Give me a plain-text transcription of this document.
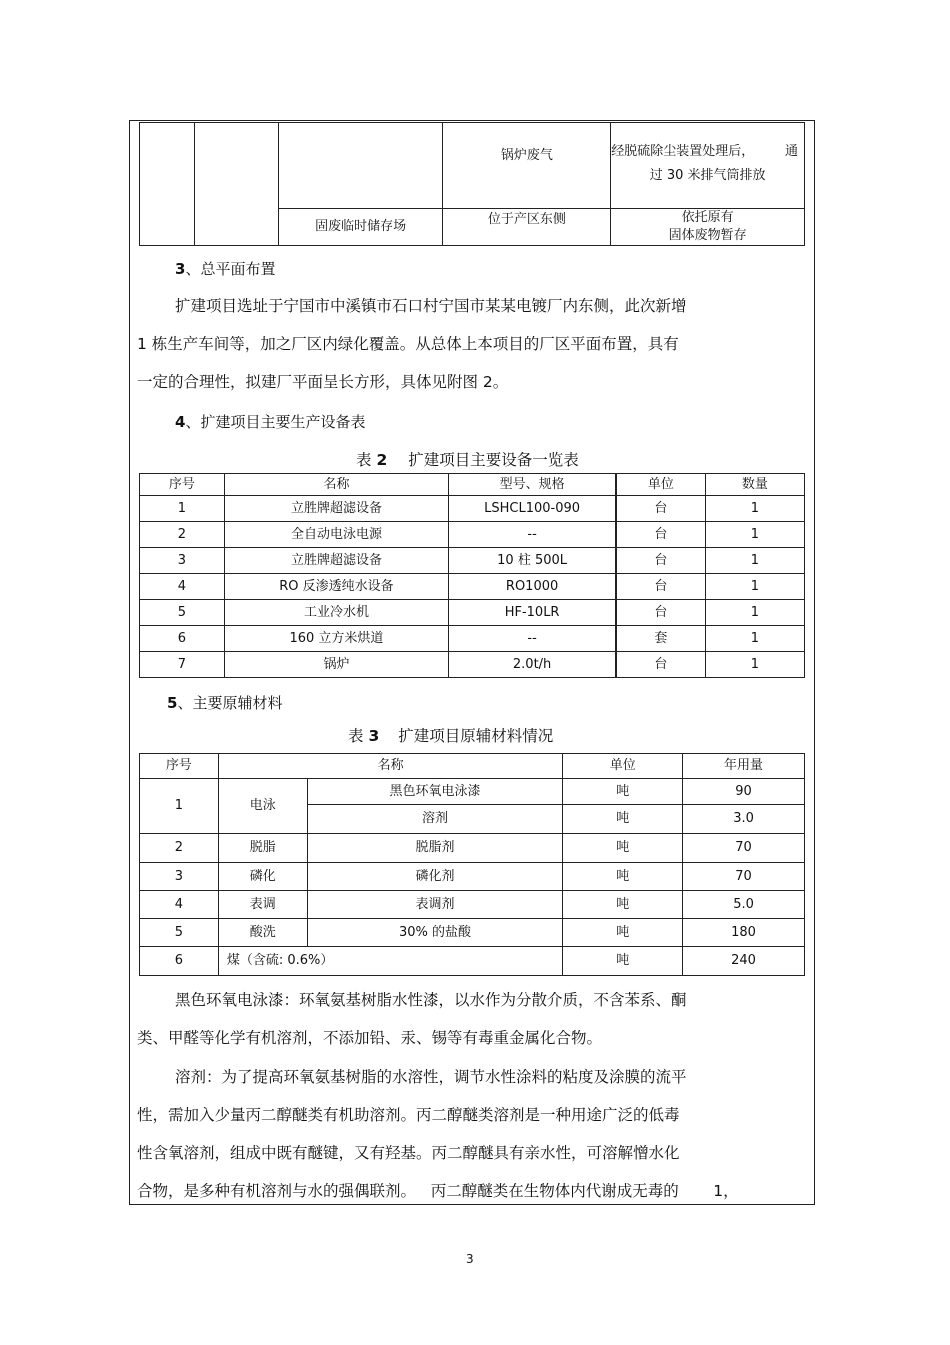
			锅炉废气	经脱硫除尘装置处理后， 通
过 30 米排气筒排放

		固废临时储存场	位于产区东侧	依托原有
固体废物暂存
3、总平面布置
扩建项目选址于宁国市中溪镇市石口村宁国市某某电镀厂内东侧，此次新增
1 栋生产车间等，加之厂区内绿化覆盖。从总体上本项目的厂区平面布置，具有
一定的合理性，拟建厂平面呈长方形，具体见附图 2。
4、扩建项目主要生产设备表
表 2 扩建项目主要设备一览表
序号	名称	型号、规格	单位	数量
1	立胜牌超滤设备	LSHCL100-090	台	1
2	全自动电泳电源	--	台	1
3	立胜牌超滤设备	10 柱 500L	台	1
4	RO 反渗透纯水设备	RO1000	台	1
5	工业冷水机	HF-10LR	台	1
6	160 立方米烘道	--	套	1
7	锅炉	2.0t/h	台	1
5、主要原辅材料
表 3 扩建项目原辅材料情况
序号	名称		单位	年用量
1	电泳	黑色环氧电泳漆	吨	90
		溶剂	吨	3.0
2	脱脂	脱脂剂	吨	70
3	磷化	磷化剂	吨	70
4	表调	表调剂	吨	5.0
5	酸洗	30% 的盐酸	吨	180
6	煤（含硫: 0.6%）		吨	240
黑色环氧电泳漆：环氧氨基树脂水性漆，以水作为分散介质，不含苯系、酮
类、甲醛等化学有机溶剂，不添加铅、汞、锡等有毒重金属化合物。
溶剂：为了提高环氧氨基树脂的水溶性，调节水性涂料的粘度及涂膜的流平
性，需加入少量丙二醇醚类有机助溶剂。丙二醇醚类溶剂是一种用途广泛的低毒
性含氧溶剂，组成中既有醚键，又有羟基。丙二醇醚具有亲水性，可溶解憎水化
合物，是多种有机溶剂与水的强偶联剂。   丙二醇醚类在生物体内代谢成无毒的       1，
3
